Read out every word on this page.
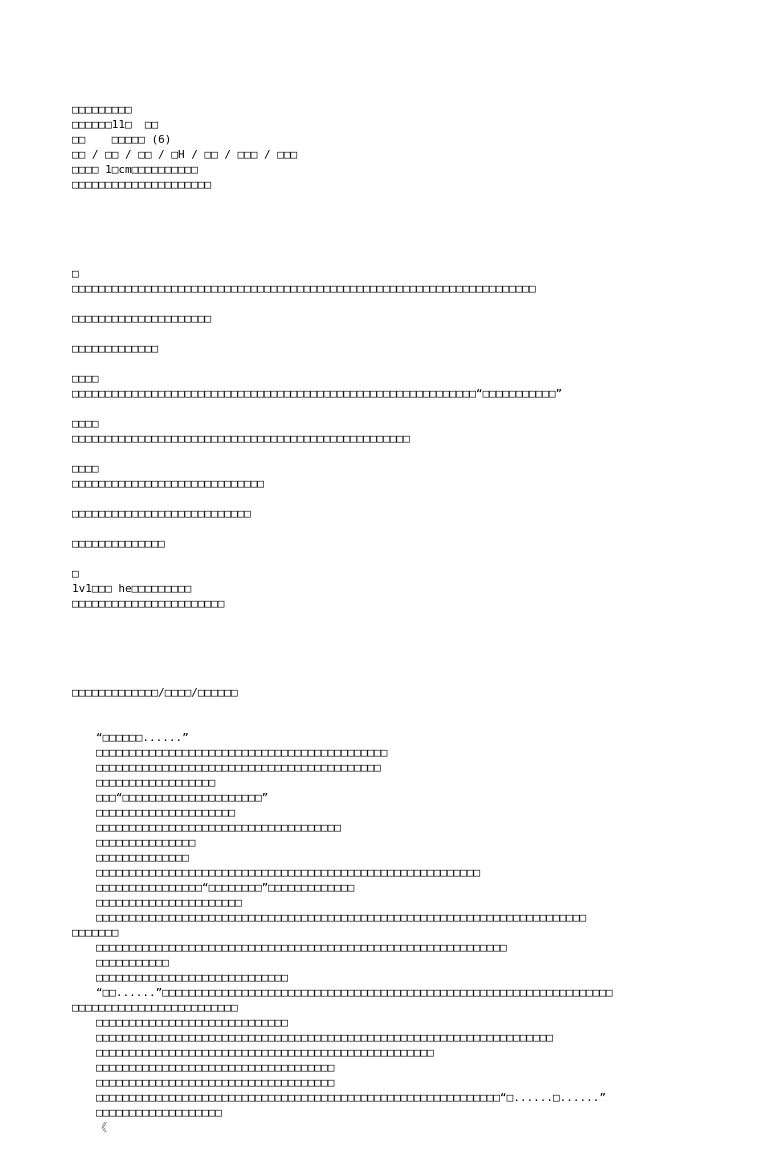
□□□□□□□□□
□□□□□□11□  □□
□□    □□□□□ (6)
□□ / □□ / □□ / □H / □□ / □□□ / □□□
□□□□ 1□cm□□□□□□□□□□
□□□□□□□□□□□□□□□□□□□□□

□
□□□□□□□□□□□□□□□□□□□□□□□□□□□□□□□□□□□□□□□□□□□□□□□□□□□□□□□□□□□□□□□□□□□□□□
□□□□□□□□□□□□□□□□□□□□□
□□□□□□□□□□□□□
□□□□
□□□□□□□□□□□□□□□□□□□□□□□□□□□□□□□□□□□□□□□□□□□□□□□□□□□□□□□□□□□□□“□□□□□□□□□□□”
□□□□
□□□□□□□□□□□□□□□□□□□□□□□□□□□□□□□□□□□□□□□□□□□□□□□□□□□
□□□□
□□□□□□□□□□□□□□□□□□□□□□□□□□□□□
□□□□□□□□□□□□□□□□□□□□□□□□□□□
□□□□□□□□□□□□□□
□
1v1□□□ he□□□□□□□□□
□□□□□□□□□□□□□□□□□□□□□□□

□□□□□□□□□□□□□/□□□□/□□□□□□

“□□□□□□......”
□□□□□□□□□□□□□□□□□□□□□□□□□□□□□□□□□□□□□□□□□□□□
□□□□□□□□□□□□□□□□□□□□□□□□□□□□□□□□□□□□□□□□□□□
□□□□□□□□□□□□□□□□□□
□□□“□□□□□□□□□□□□□□□□□□□□□”
□□□□□□□□□□□□□□□□□□□□□
□□□□□□□□□□□□□□□□□□□□□□□□□□□□□□□□□□□□□
□□□□□□□□□□□□□□□
□□□□□□□□□□□□□□
□□□□□□□□□□□□□□□□□□□□□□□□□□□□□□□□□□□□□□□□□□□□□□□□□□□□□□□□□□
□□□□□□□□□□□□□□□□“□□□□□□□□”□□□□□□□□□□□□□
□□□□□□□□□□□□□□□□□□□□□□
□□□□□□□□□□□□□□□□□□□□□□□□□□□□□□□□□□□□□□□□□□□□□□□□□□□□□□□□□□□□□□□□□□□□□□□□□□
□□□□□□□
□□□□□□□□□□□□□□□□□□□□□□□□□□□□□□□□□□□□□□□□□□□□□□□□□□□□□□□□□□□□□□
□□□□□□□□□□□
□□□□□□□□□□□□□□□□□□□□□□□□□□□□□
“□□......”□□□□□□□□□□□□□□□□□□□□□□□□□□□□□□□□□□□□□□□□□□□□□□□□□□□□□□□□□□□□□□□□□□□□
□□□□□□□□□□□□□□□□□□□□□□□□□
□□□□□□□□□□□□□□□□□□□□□□□□□□□□□
□□□□□□□□□□□□□□□□□□□□□□□□□□□□□□□□□□□□□□□□□□□□□□□□□□□□□□□□□□□□□□□□□□□□□
□□□□□□□□□□□□□□□□□□□□□□□□□□□□□□□□□□□□□□□□□□□□□□□□□□□
□□□□□□□□□□□□□□□□□□□□□□□□□□□□□□□□□□□□
□□□□□□□□□□□□□□□□□□□□□□□□□□□□□□□□□□□□
□□□□□□□□□□□□□□□□□□□□□□□□□□□□□□□□□□□□□□□□□□□□□□□□□□□□□□□□□□□□□“□......□......”
□□□□□□□□□□□□□□□□□□□
《
